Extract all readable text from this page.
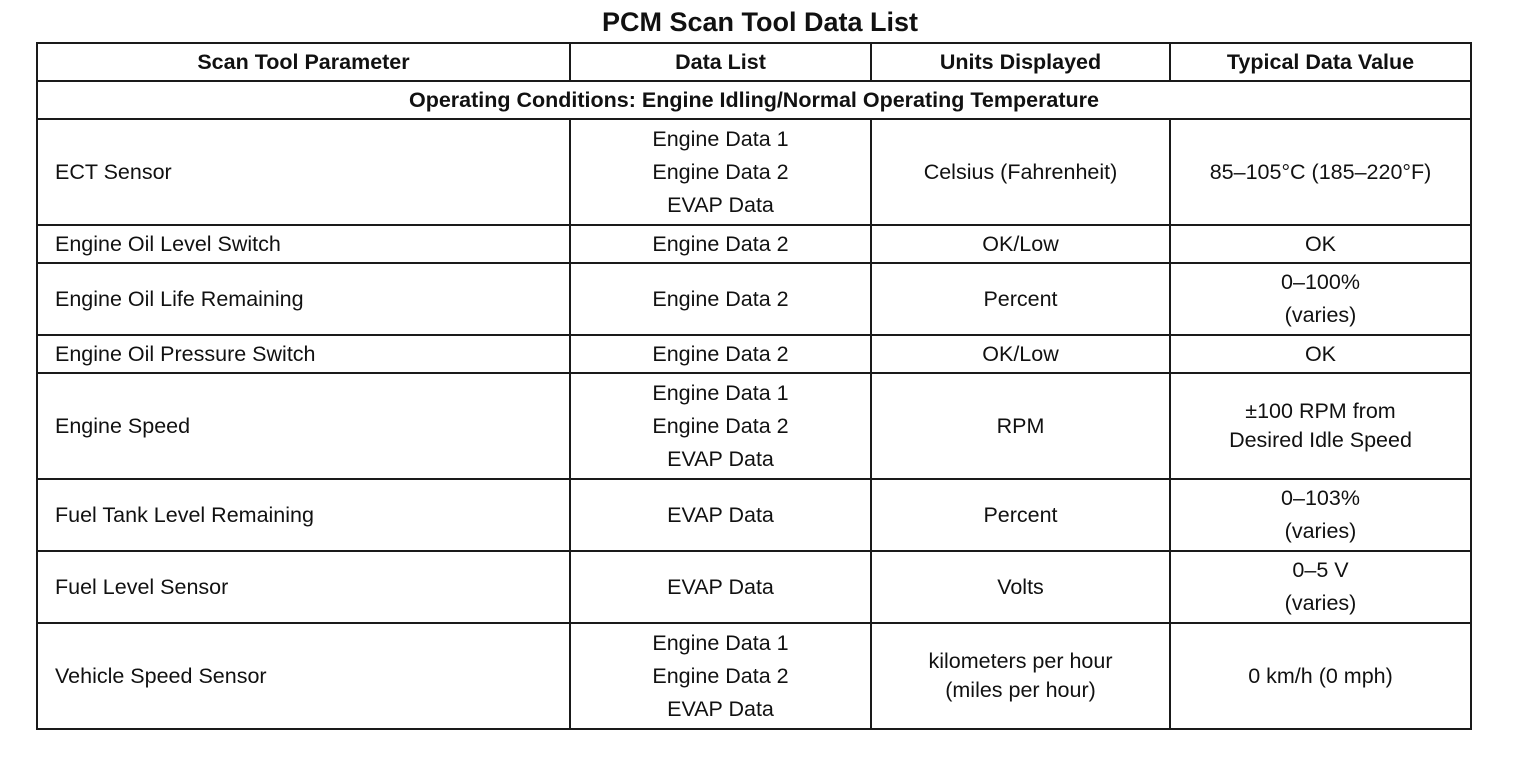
PCM Scan Tool Data List
Scan Tool Parameter	Data List	Units Displayed	Typical Data Value
Operating Conditions: Engine Idling/Normal Operating Temperature			
ECT Sensor	Engine Data 1
Engine Data 2
EVAP Data	Celsius (Fahrenheit)	85–105°C (185–220°F)

Engine Oil Level Switch	Engine Data 2	OK/Low	OK

Engine Oil Life Remaining	Engine Data 2	Percent	0–100%
(varies)

Engine Oil Pressure Switch	Engine Data 2	OK/Low	OK

Engine Speed	Engine Data 1
Engine Data 2
EVAP Data	RPM	±100 RPM from
Desired Idle Speed

Fuel Tank Level Remaining	EVAP Data	Percent	0–103%
(varies)

Fuel Level Sensor	EVAP Data	Volts	0–5 V
(varies)

Vehicle Speed Sensor	Engine Data 1
Engine Data 2
EVAP Data	kilometers per hour
(miles per hour)	0 km/h (0 mph)
